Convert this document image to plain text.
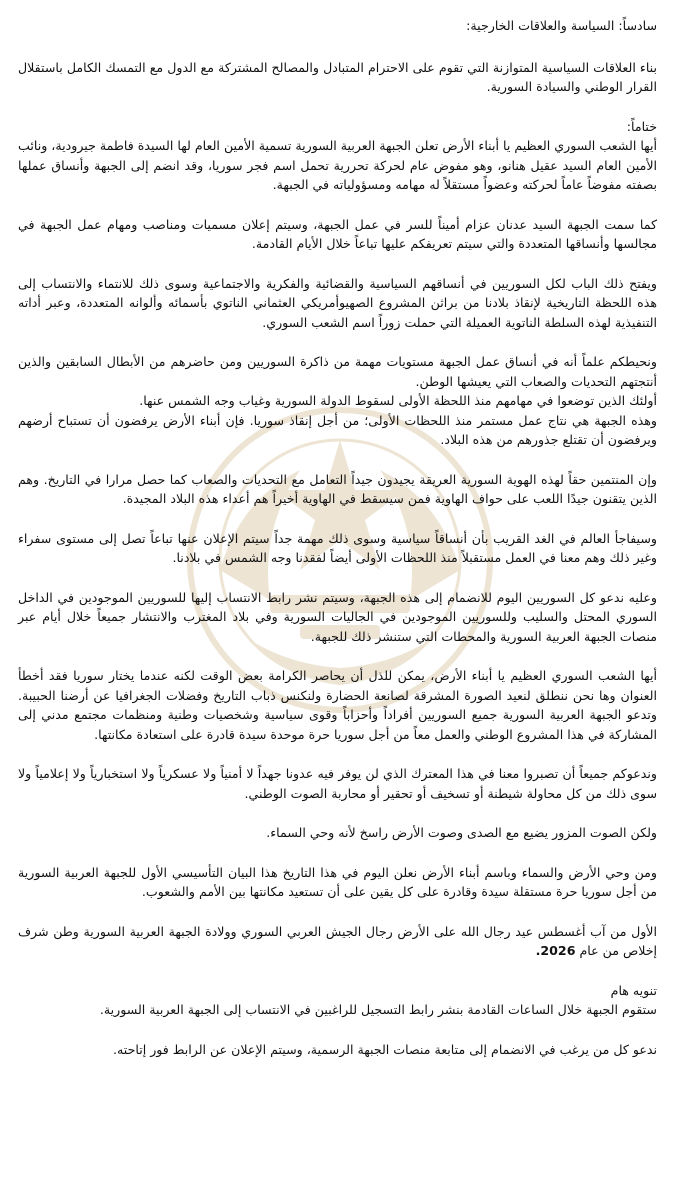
سادساً: السياسة والعلاقات الخارجية:

بناء العلاقات السياسية المتوازنة التي تقوم على الاحترام المتبادل والمصالح المشتركة مع الدول مع التمسك الكامل باستقلال القرار الوطني والسيادة السورية.

ختاماً:

أيها الشعب السوري العظيم يا أبناء الأرض تعلن الجبهة العربية السورية تسمية الأمين العام لها السيدة فاطمة جيرودية، ونائب الأمين العام السيد عقيل هنانو، وهو مفوض عام لحركة تحررية تحمل اسم فجر سوريا، وقد انضم إلى الجبهة وأنساق عملها بصفته مفوضاً عاماً لحركته وعضواً مستقلاً له مهامه ومسؤولياته في الجبهة.

كما سمت الجبهة السيد عدنان عزام أميناً للسر في عمل الجبهة، وسيتم إعلان مسميات ومناصب ومهام عمل الجبهة في مجالسها وأنساقها المتعددة والتي سيتم تعريفكم عليها تباعاً خلال الأيام القادمة.

ويفتح ذلك الباب لكل السوريين في أنساقهم السياسية والقضائية والفكرية والاجتماعية وسوى ذلك للانتماء والانتساب إلى هذه اللحظة التاريخية لإنقاذ بلادنا من براثن المشروع الصهيوأمريكي العثماني الناتوي بأسمائه وألوانه المتعددة، وعبر أداته التنفيذية لهذه السلطة الناتوية العميلة التي حملت زوراً اسم الشعب السوري.

ونحيطكم علماً أنه في أنساق عمل الجبهة مستويات مهمة من ذاكرة السوريين ومن حاضرهم من الأبطال السابقين والذين أنتجتهم التحديات والصعاب التي يعيشها الوطن.

أولئك الذين توضعوا في مهامهم منذ اللحظة الأولى لسقوط الدولة السورية وغياب وجه الشمس عنها.

وهذه الجبهة هي نتاج عمل مستمر منذ اللحظات الأولى؛ من أجل إنقاذ سوريا. فإن أبناء الأرض يرفضون أن تستباح أرضهم ويرفضون أن تقتلع جذورهم من هذه البلاد.

وإن المنتمين حقاً لهذه الهوية السورية العريقة يجيدون جيداً التعامل مع التحديات والصعاب كما حصل مرارا في التاريخ. وهم الذين يتقنون جيدًا اللعب على حواف الهاوية فمن سيسقط في الهاوية أخيراً هم أعداء هذه البلاد المجيدة.

وسيفاجأ العالم في الغد القريب بأن أنساقاً سياسية وسوى ذلك مهمة جداً سيتم الإعلان عنها تباعاً تصل إلى مستوى سفراء وغير ذلك وهم معنا في العمل مستقبلاً منذ اللحظات الأولى أيضاً لفقدنا وجه الشمس في بلادنا.

وعليه ندعو كل السوريين اليوم للانضمام إلى هذه الجبهة، وسيتم نشر رابط الانتساب إليها للسوريين الموجودين في الداخل السوري المحتل والسليب وللسوريين الموجودين في الجاليات السورية وفي بلاد المغترب والانتشار جميعاً خلال أيام عبر منصات الجبهة العربية السورية والمحطات التي ستنشر ذلك للجبهة.

أيها الشعب السوري العظيم يا أبناء الأرض، يمكن للذل أن يحاصر الكرامة بعض الوقت لكنه عندما يختار سوريا فقد أخطأ العنوان وها نحن ننطلق لنعيد الصورة المشرقة لصانعة الحضارة ولنكنس ذباب التاريخ وفضلات الجغرافيا عن أرضنا الحبيبة. وتدعو الجبهة العربية السورية جميع السوريين أفراداً وأحزاباً وقوى سياسية وشخصيات وطنية ومنظمات مجتمع مدني إلى المشاركة في هذا المشروع الوطني والعمل معاً من أجل سوريا حرة موحدة سيدة قادرة على استعادة مكانتها.

وندعوكم جميعاً أن تصبروا معنا في هذا المعترك الذي لن يوفر فيه عدونا جهداً لا أمنياً ولا عسكرياً ولا استخبارياً ولا إعلامياً ولا سوى ذلك من كل محاولة شيطنة أو تسخيف أو تحقير أو محاربة الصوت الوطني.

ولكن الصوت المزور يضيع مع الصدى وصوت الأرض راسخ لأنه وحي السماء.

ومن وحي الأرض والسماء وباسم أبناء الأرض نعلن اليوم في هذا التاريخ هذا البيان التأسيسي الأول للجبهة العربية السورية من أجل سوريا حرة مستقلة سيدة وقادرة على كل يقين على أن تستعيد مكانتها بين الأمم والشعوب.

الأول من آب أغسطس عيد رجال الله على الأرض رجال الجيش العربي السوري وولادة الجبهة العربية السورية وطن شرف إخلاص من عام 2026.

تنويه هام

ستقوم الجبهة خلال الساعات القادمة بنشر رابط التسجيل للراغبين في الانتساب إلى الجبهة العربية السورية.

ندعو كل من يرغب في الانضمام إلى متابعة منصات الجبهة الرسمية، وسيتم الإعلان عن الرابط فور إتاحته.
